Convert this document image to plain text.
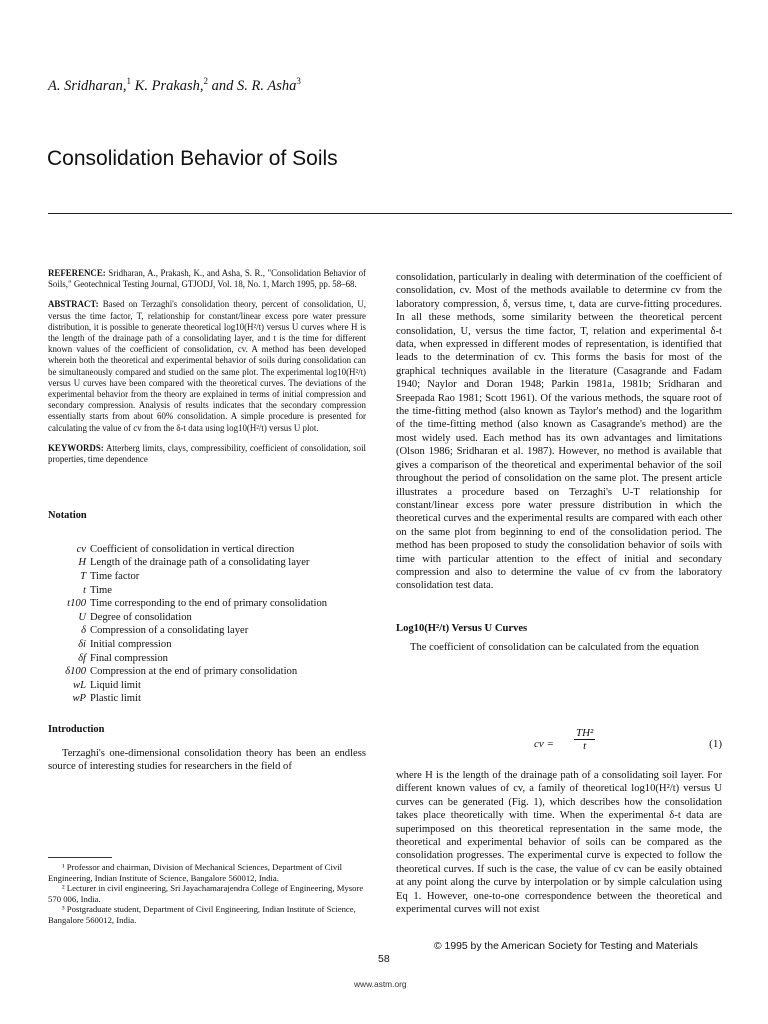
A. Sridharan,$^1$ K. Prakash,$^2$ and S. R. Asha$^3$
Consolidation Behavior of Soils

REFERENCE: Sridharan, A., Prakash, K., and Asha, S. R., "Consolidation Behavior of Soils," Geotechnical Testing Journal, GTJODJ, Vol. 18, No. 1, March 1995, pp. 58–68.

ABSTRACT: Based on Terzaghi's consolidation theory, percent of consolidation, U, versus the time factor, T, relationship for constant/linear excess pore water pressure distribution, it is possible to generate theoretical log10(H²/t) versus U curves where H is the length of the drainage path of a consolidating layer, and t is the time for different known values of the coefficient of consolidation, cv. A method has been developed wherein both the theoretical and experimental behavior of soils during consolidation can be simultaneously compared and studied on the same plot. The experimental log10(H²/t) versus U curves have been compared with the theoretical curves. The deviations of the experimental behavior from the theory are explained in terms of initial compression and secondary compression. Analysis of results indicates that the secondary compression essentially starts from about 60% consolidation. A simple procedure is presented for calculating the value of cv from the δ-t data using log10(H²/t) versus U plot.

KEYWORDS: Atterberg limits, clays, compressibility, coefficient of consolidation, soil properties, time dependence

Notation

cv Coefficient of consolidation in vertical direction
H Length of the drainage path of a consolidating layer
T Time factor
t Time
t100 Time corresponding to the end of primary consolidation
U Degree of consolidation
δ Compression of a consolidating layer
δi Initial compression
δf Final compression
δ100 Compression at the end of primary consolidation
wL Liquid limit
wP Plastic limit

Introduction

Terzaghi's one-dimensional consolidation theory has been an endless source of interesting studies for researchers in the field of

¹ Professor and chairman, Division of Mechanical Sciences, Department of Civil Engineering, Indian Institute of Science, Bangalore 560012, India.
² Lecturer in civil engineering, Sri Jayachamarajendra College of Engineering, Mysore 570 006, India.
³ Postgraduate student, Department of Civil Engineering, Indian Institute of Science, Bangalore 560012, India.

consolidation, particularly in dealing with determination of the coefficient of consolidation, cv. Most of the methods available to determine cv from the laboratory compression, δ, versus time, t, data are curve-fitting procedures. In all these methods, some similarity between the theoretical percent consolidation, U, versus the time factor, T, relation and experimental δ-t data, when expressed in different modes of representation, is identified that leads to the determination of cv. This forms the basis for most of the graphical techniques available in the literature (Casagrande and Fadam 1940; Naylor and Doran 1948; Parkin 1981a, 1981b; Sridharan and Sreepada Rao 1981; Scott 1961). Of the various methods, the square root of the time-fitting method (also known as Taylor's method) and the logarithm of the time-fitting method (also known as Casagrande's method) are the most widely used. Each method has its own advantages and limitations (Olson 1986; Sridharan et al. 1987). However, no method is available that gives a comparison of the theoretical and experimental behavior of the soil throughout the period of consolidation on the same plot. The present article illustrates a procedure based on Terzaghi's U-T relationship for constant/linear excess pore water pressure distribution in which the theoretical curves and the experimental results are compared with each other on the same plot from beginning to end of the consolidation period. The method has been proposed to study the consolidation behavior of soils with time with particular attention to the effect of initial and secondary compression and also to determine the value of cv from the laboratory consolidation test data.

Log10(H²/t) Versus U Curves

The coefficient of consolidation can be calculated from the equation

cv = $\frac{\text{TH²}}{t}$	(1)

where H is the length of the drainage path of a consolidating soil layer. For different known values of cv, a family of theoretical log10(H²/t) versus U curves can be generated (Fig. 1), which describes how the consolidation takes place theoretically with time. When the experimental δ-t data are superimposed on this theoretical representation in the same mode, the theoretical and experimental behavior of soils can be compared as the consolidation progresses. The experimental curve is expected to follow the theoretical curves. If such is the case, the value of cv can be easily obtained at any point along the curve by interpolation or by simple calculation using Eq 1. However, one-to-one correspondence between the theoretical and experimental curves will not exist

© 1995 by the American Society for Testing and Materials
58
www.astm.org
